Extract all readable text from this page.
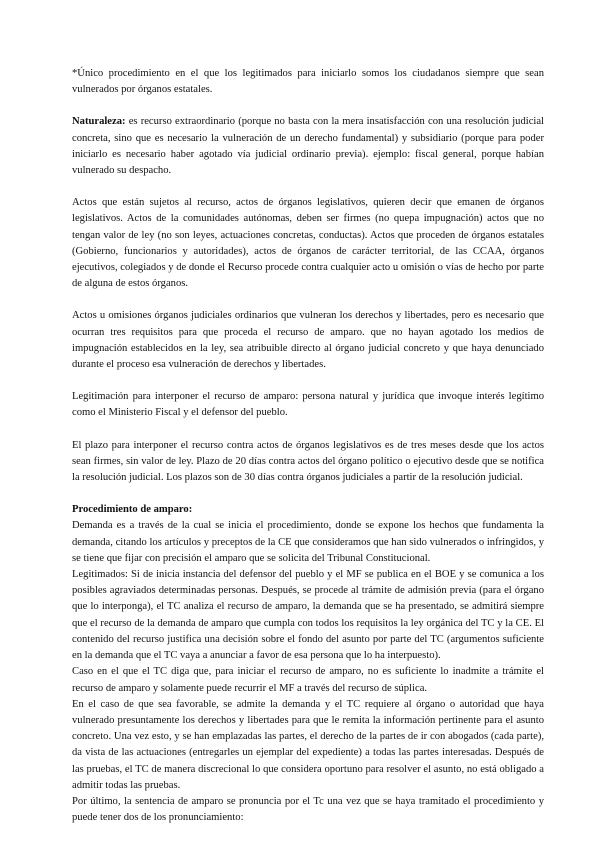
*Único procedimiento en el que los legitimados para iniciarlo somos los ciudadanos siempre que sean vulnerados por órganos estatales.

Naturaleza: es recurso extraordinario (porque no basta con la mera insatisfacción con una resolución judicial concreta, sino que es necesario la vulneración de un derecho fundamental) y subsidiario (porque para poder iniciarlo es necesario haber agotado vía judicial ordinario previa). ejemplo: fiscal general, porque habían vulnerado su despacho.

Actos que están sujetos al recurso, actos de órganos legislativos, quieren decir que emanen de órganos legislativos. Actos de la comunidades autónomas, deben ser firmes (no quepa impugnación) actos que no tengan valor de ley (no son leyes, actuaciones concretas, conductas). Actos que proceden de órganos estatales (Gobierno, funcionarios y autoridades), actos de órganos de carácter territorial, de las CCAA, órganos ejecutivos, colegiados y de donde el Recurso procede contra cualquier acto u omisión o vías de hecho por parte de alguna de estos órganos.

Actos u omisiones órganos judiciales ordinarios que vulneran los derechos y libertades, pero es necesario que ocurran tres requisitos para que proceda el recurso de amparo. que no hayan agotado los medios de impugnación establecidos en la ley, sea atribuible directo al órgano judicial concreto y que haya denunciado durante el proceso esa vulneración de derechos y libertades.

Legitimación para interponer el recurso de amparo: persona natural y jurídica que invoque interés legítimo como el Ministerio Fiscal y el defensor del pueblo.

El plazo para interponer el recurso contra actos de órganos legislativos es de tres meses desde que los actos sean firmes, sin valor de ley. Plazo de 20 días contra actos del órgano político o ejecutivo desde que se notifica la resolución judicial. Los plazos son de 30 días contra órganos judiciales a partir de la resolución judicial.

Procedimiento de amparo:

Demanda es a través de la cual se inicia el procedimiento, donde se expone los hechos que fundamenta la demanda, citando los artículos y preceptos de la CE que consideramos que han sido vulnerados o infringidos, y se tiene que fijar con precisión el amparo que se solicita del Tribunal Constitucional.

Legitimados: Si de inicia instancia del defensor del pueblo y el MF se publica en el BOE y se comunica a los posibles agraviados determinadas personas. Después, se procede al trámite de admisión previa (para el órgano que lo interponga), el TC analiza el recurso de amparo, la demanda que se ha presentado, se admitirá siempre que el recurso de la demanda de amparo que cumpla con todos los requisitos la ley orgánica del TC y la CE. El contenido del recurso justifica una decisión sobre el fondo del asunto por parte del TC (argumentos suficiente en la demanda que el TC vaya a anunciar a favor de esa persona que lo ha interpuesto).

Caso en el que el TC diga que, para iniciar el recurso de amparo, no es suficiente lo inadmite a trámite el recurso de amparo y solamente puede recurrir el MF a través del recurso de súplica.

En el caso de que sea favorable, se admite la demanda y el TC requiere al órgano o autoridad que haya vulnerado presuntamente los derechos y libertades para que le remita la información pertinente para el asunto concreto. Una vez esto, y se han emplazadas las partes, el derecho de la partes de ir con abogados (cada parte), da vista de las actuaciones (entregarles un ejemplar del expediente) a todas las partes interesadas. Después de las pruebas, el TC de manera discrecional lo que considera oportuno para resolver el asunto, no está obligado a admitir todas las pruebas.

Por último, la sentencia de amparo se pronuncia por el Tc una vez que se haya tramitado el procedimiento y puede tener dos de los pronunciamiento:
